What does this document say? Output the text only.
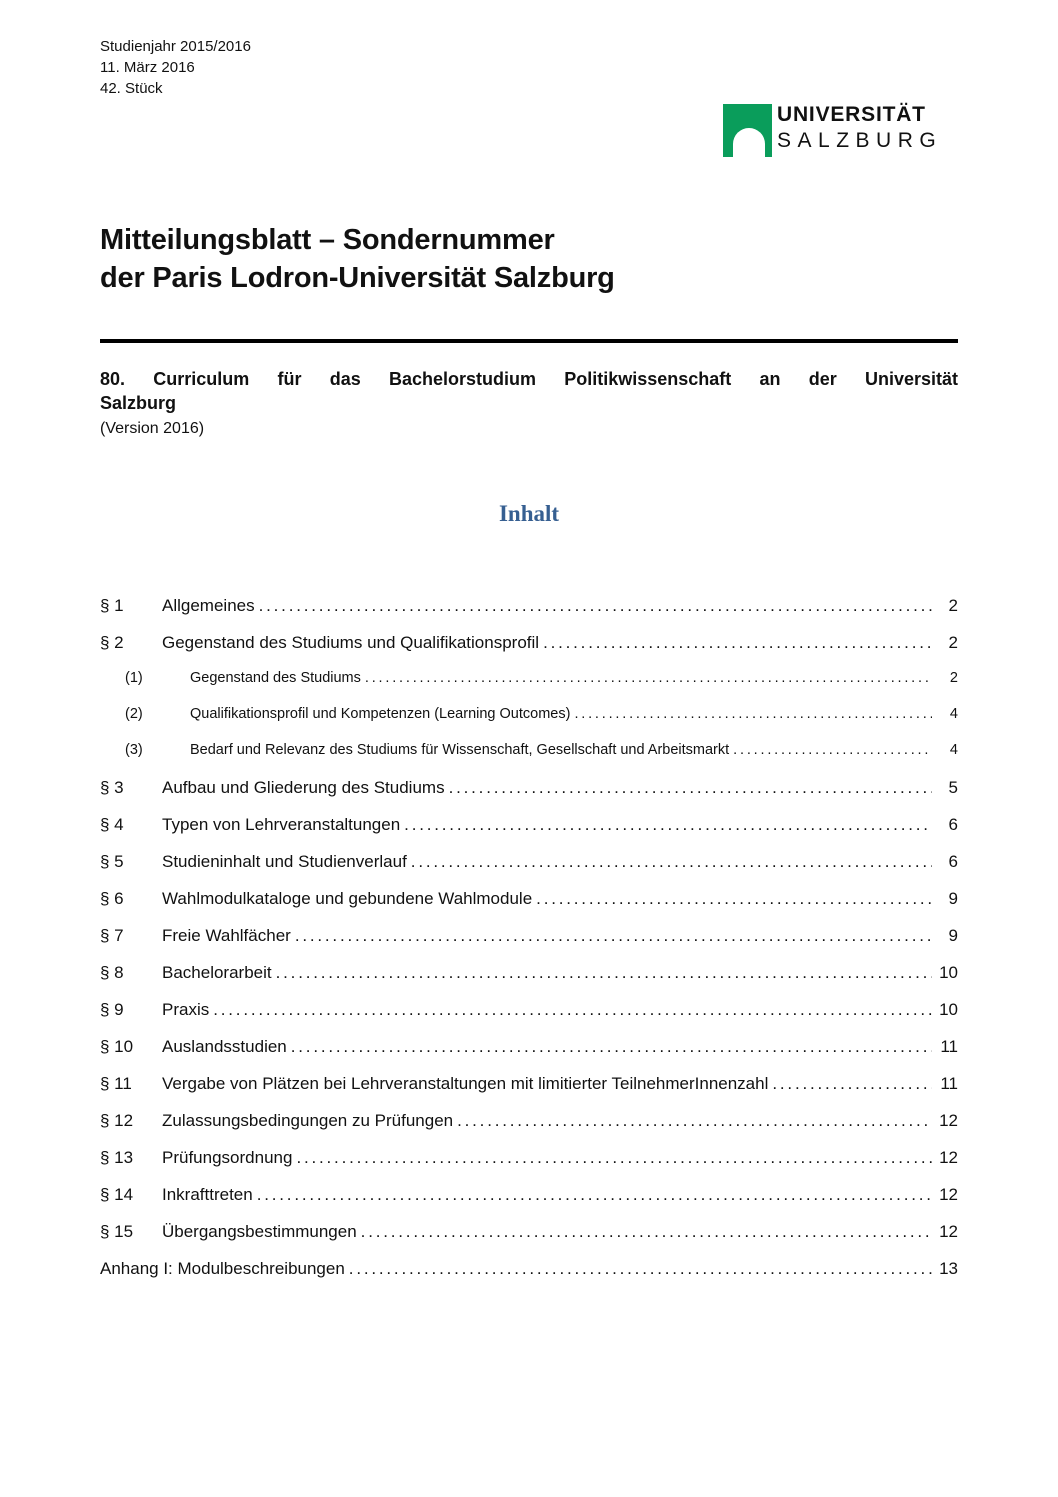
Studienjahr 2015/2016
11. März 2016
42. Stück
UNIVERSITÄT
SALZBURG
Mitteilungsblatt – Sondernummer
der Paris Lodron-Universität Salzburg
80. Curriculum für das Bachelorstudium Politikwissenschaft an der Universität
Salzburg
(Version 2016)
Inhalt
§ 1	Allgemeines .....	2
§ 2	Gegenstand des Studiums und Qualifikationsprofil .....	2
(1)	Gegenstand des Studiums .....	2
(2)	Qualifikationsprofil und Kompetenzen (Learning Outcomes) .....	4
(3)	Bedarf und Relevanz des Studiums für Wissenschaft, Gesellschaft und Arbeitsmarkt .....	4
§ 3	Aufbau und Gliederung des Studiums .....	5
§ 4	Typen von Lehrveranstaltungen .....	6
§ 5	Studieninhalt und Studienverlauf .....	6
§ 6	Wahlmodulkataloge und gebundene Wahlmodule .....	9
§ 7	Freie Wahlfächer .....	9
§ 8	Bachelorarbeit .....	10
§ 9	Praxis .....	10
§ 10	Auslandsstudien .....	11
§ 11	Vergabe von Plätzen bei Lehrveranstaltungen mit limitierter TeilnehmerInnenzahl .....	11
§ 12	Zulassungsbedingungen zu Prüfungen .....	12
§ 13	Prüfungsordnung .....	12
§ 14	Inkrafttreten .....	12
§ 15	Übergangsbestimmungen .....	12
Anhang I: Modulbeschreibungen .....	13
